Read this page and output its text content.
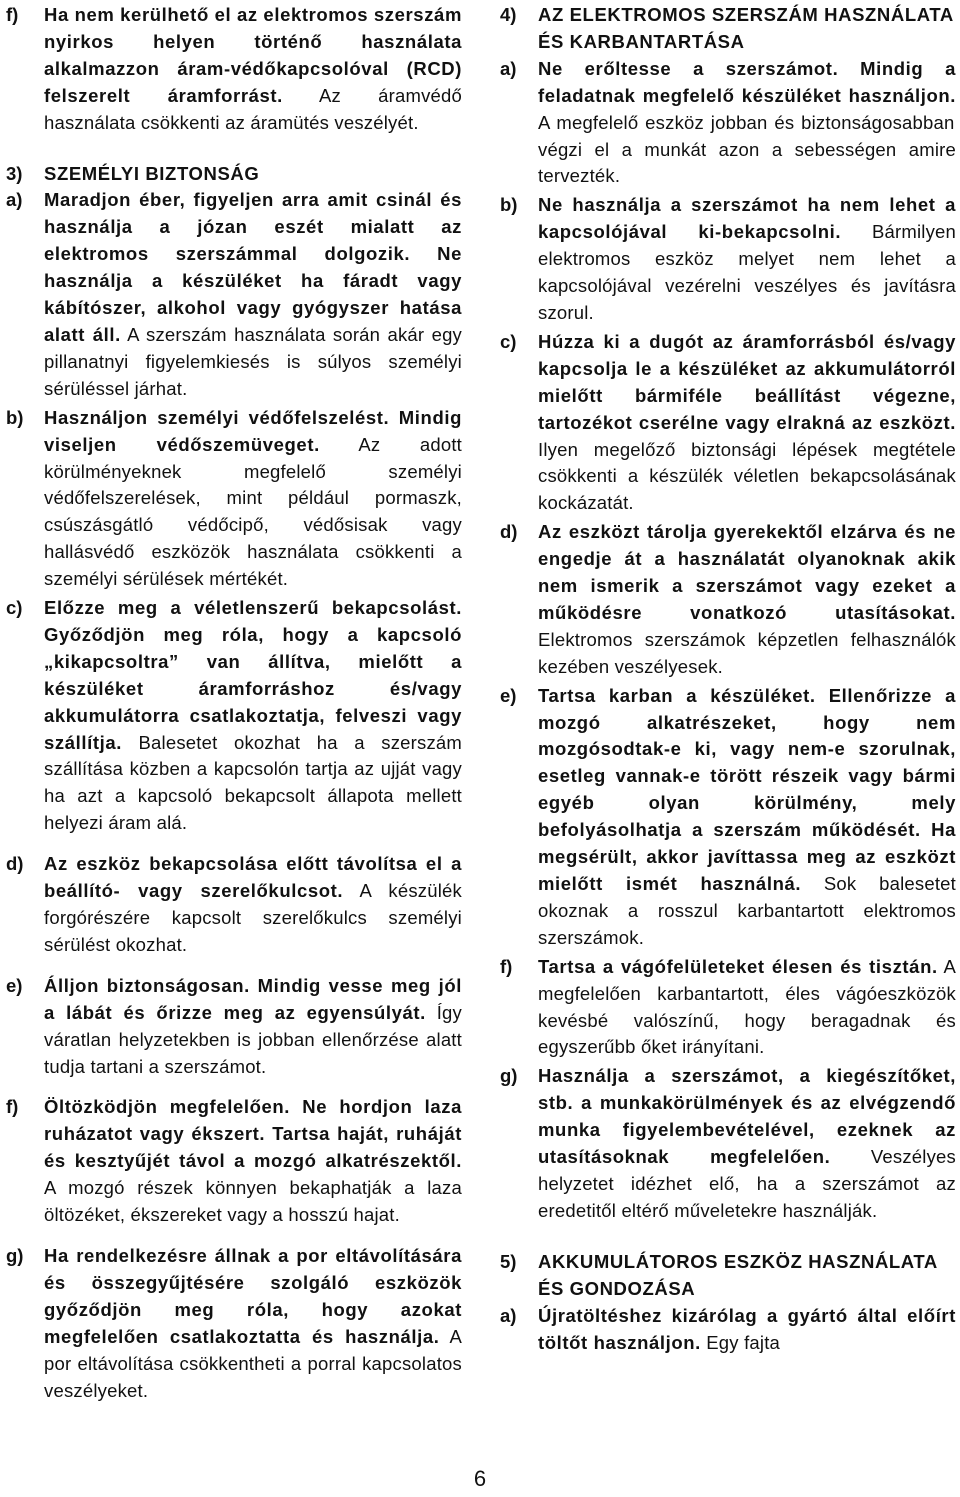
f)	Ha nem kerülhető el az elektromos szerszám nyirkos helyen történő használata alkalmazzon áram-védőkapcsolóval (RCD) felszerelt áramforrást. Az áramvédő használata csökkenti az áramütés veszélyét.
3)	SZEMÉLYI BIZTONSÁG
a)	Maradjon éber, figyeljen arra amit csinál és használja a józan eszét mialatt az elektromos szerszámmal dolgozik. Ne használja a készüléket ha fáradt vagy kábítószer, alkohol vagy gyógyszer hatása alatt áll. A szerszám használata során akár egy pillanatnyi figyelemkiesés is súlyos személyi sérüléssel járhat.
b)	Használjon személyi védőfelszelést. Mindig viseljen védőszemüveget. Az adott körülményeknek megfelelő személyi védőfelszerelések, mint például pormaszk, csúszásgátló védőcipő, védősisak vagy hallásvédő eszközök használata csökkenti a személyi sérülések mértékét.
c)	Előzze meg a véletlenszerű bekapcsolást. Győződjön meg róla, hogy a kapcsoló „kikapcsoltra” van állítva, mielőtt a készüléket áramforráshoz és/vagy akkumulátorra csatlakoztatja, felveszi vagy szállítja. Balesetet okozhat ha a szerszám szállítása közben a kapcsolón tartja az ujját vagy ha azt a kapcsoló bekapcsolt állapota mellett helyezi áram alá.
d)	Az eszköz bekapcsolása előtt távolítsa el a beállító- vagy szerelőkulcsot. A készülék forgórészére kapcsolt szerelőkulcs személyi sérülést okozhat.
e)	Álljon biztonságosan. Mindig vesse meg jól a lábát és őrizze meg az egyensúlyát. Így váratlan helyzetekben is jobban ellenőrzése alatt tudja tartani a szerszámot.
f)	Öltözködjön megfelelően. Ne hordjon laza ruházatot vagy ékszert. Tartsa haját, ruháját és kesztyűjét távol a mozgó alkatrészektől. A mozgó részek könnyen bekaphatják a laza öltözéket, ékszereket vagy a hosszú hajat.
g)	Ha rendelkezésre állnak a por eltávolítására és összegyűjtésére szolgáló eszközök győződjön meg róla, hogy azokat megfelelően csatlakoztatta és használja. A por eltávolítása csökkentheti a porral kapcsolatos veszélyeket.
4)	AZ ELEKTROMOS SZERSZÁM HASZNÁLATA ÉS KARBANTARTÁSA
a)	Ne erőltesse a szerszámot. Mindig a feladatnak megfelelő készüléket használjon. A megfelelő eszköz jobban és biztonságosabban végzi el a munkát azon a sebességen amire tervezték.
b)	Ne használja a szerszámot ha nem lehet a kapcsolójával ki-bekapcsolni. Bármilyen elektromos eszköz melyet nem lehet a kapcsolójával vezérelni veszélyes és javításra szorul.
c)	Húzza ki a dugót az áramforrásból és/vagy kapcsolja le a készüléket az akkumulátorról mielőtt bármiféle beállítást végezne, tartozékot cserélne vagy elrakná az eszközt. Ilyen megelőző biztonsági lépések megtétele csökkenti a készülék véletlen bekapcsolásának kockázatát.
d)	Az eszközt tárolja gyerekektől elzárva és ne engedje át a használatát olyanoknak akik nem ismerik a szerszámot vagy ezeket a működésre vonatkozó utasításokat. Elektromos szerszámok képzetlen felhasználók kezében veszélyesek.
e)	Tartsa karban a készüléket. Ellenőrizze a mozgó alkatrészeket, hogy nem mozgósodtak-e ki, vagy nem-e szorulnak, esetleg vannak-e törött részeik vagy bármi egyéb olyan körülmény, mely befolyásolhatja a szerszám működését. Ha megsérült, akkor javíttassa meg az eszközt mielőtt ismét használná. Sok balesetet okoznak a rosszul karbantartott elektromos szerszámok.
f)	Tartsa a vágófelületeket élesen és tisztán. A megfelelően karbantartott, éles vágóeszközök kevésbé valószínű, hogy beragadnak és egyszerűbb őket irányítani.
g)	Használja a szerszámot, a kiegészítőket, stb. a munkakörülmények és az elvégzendő munka figyelembevételével, ezeknek az utasításoknak megfelelően. Veszélyes helyzetet idézhet elő, ha a szerszámot az eredetitől eltérő műveletekre használják.
5)	AKKUMULÁTOROS ESZKÖZ HASZNÁLATA ÉS GONDOZÁSA
a)	Újratöltéshez kizárólag a gyártó által előírt töltőt használjon. Egy fajta
6
